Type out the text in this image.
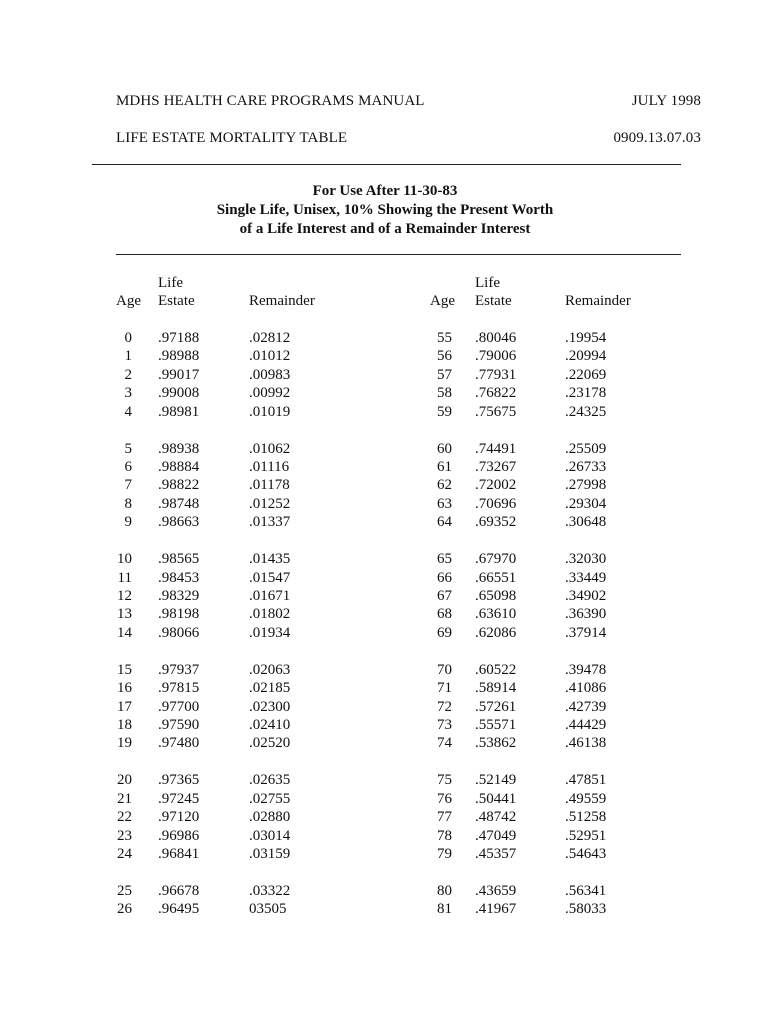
MDHS HEALTH CARE PROGRAMS MANUAL	JULY 1998
LIFE ESTATE MORTALITY TABLE	0909.13.07.03
For Use After 11-30-83
Single Life, Unisex, 10% Showing the Present Worth
of a Life Interest and of a Remainder Interest
Life
Age Estate	Remainder
Life
Age Estate	Remainder
0 .97188	.02812	55 .80046	.19954
1 .98988	.01012	56 .79006	.20994
2 .99017	.00983	57 .77931	.22069
3 .99008	.00992	58 .76822	.23178
4 .98981	.01019	59 .75675	.24325
5 .98938	.01062	60 .74491	.25509
6 .98884	.01116	61 .73267	.26733
7 .98822	.01178	62 .72002	.27998
8 .98748	.01252	63 .70696	.29304
9 .98663	.01337	64 .69352	.30648
10 .98565	.01435	65 .67970	.32030
11 .98453	.01547	66 .66551	.33449
12 .98329	.01671	67 .65098	.34902
13 .98198	.01802	68 .63610	.36390
14 .98066	.01934	69 .62086	.37914
15 .97937	.02063	70 .60522	.39478
16 .97815	.02185	71 .58914	.41086
17 .97700	.02300	72 .57261	.42739
18 .97590	.02410	73 .55571	.44429
19 .97480	.02520	74 .53862	.46138
20 .97365	.02635	75 .52149	.47851
21 .97245	.02755	76 .50441	.49559
22 .97120	.02880	77 .48742	.51258
23 .96986	.03014	78 .47049	.52951
24 .96841	.03159	79 .45357	.54643
25 .96678	.03322	80 .43659	.56341
26 .96495	03505	81 .41967	.58033
